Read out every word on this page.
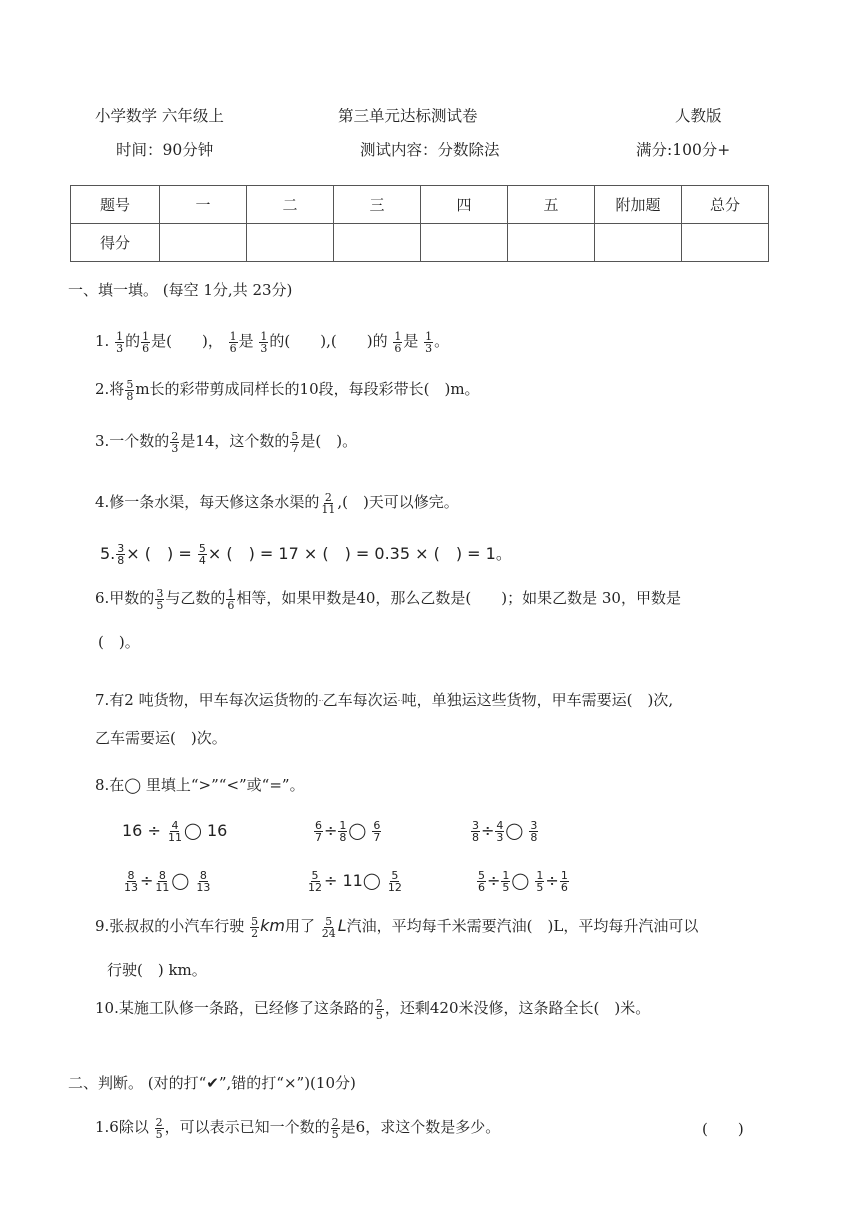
小学数学 六年级上	第三单元达标测试卷	人教版
时间：90分钟	测试内容：分数除法	满分:100分+
题号	一	二	三	四	五	附加题	总分
得分							
一、填一填。 (每空 1分,共 23分)
1. $\frac{1}{3}$ 的 $\frac{1}{6}$ 是(　　)， $\frac{1}{6}$ 是 $\frac{1}{3}$ 的(　　),(　　)的 $\frac{1}{6}$ 是 $\frac{1}{3}$ 。
2.将 $\frac{5}{8}$ m长的彩带剪成同样长的10段，每段彩带长(　)m。
3.一个数的 $\frac{2}{3}$ 是14，这个数的 $\frac{5}{7}$ 是(　)。
4.修一条水渠，每天修这条水渠的 $\frac{2}{11}$ ,(　)天可以修完。
5. $\frac{3}{8}$ × (　) = $\frac{5}{4}$ × (　) = 17 × (　) = 0.35 × (　) = 1。
6.甲数的 $\frac{3}{5}$ 与乙数的 $\frac{1}{6}$ 相等，如果甲数是40，那么乙数是(　　)；如果乙数是 30，甲数是
(　)。
7.有2 吨货物，甲车每次运货物的 乙车每次运 吨，单独运这些货物，甲车需要运(　)次,
乙车需要运(　)次。
8.在◯ 里填上“>”“<”或“=”。
$16 \div \frac{4}{11}$ ◯ 16	$\frac{6}{7} \div \frac{1}{8}$ ◯ $\frac{6}{7}$	$\frac{3}{8} \div \frac{4}{3}$ ◯ $\frac{3}{8}$
$\frac{8}{13} \div \frac{8}{11}$ ◯ $\frac{8}{13}$	$\frac{5}{12}$ ÷ 11◯ $\frac{5}{12}$	$\frac{5}{6} \div \frac{1}{5}$ ◯ $\frac{1}{5} \div \frac{1}{6}$
9.张叔叔的小汽车行驶 $\frac{5}{2}$ km用了 $\frac{5}{24}$ L汽油，平均每千米需要汽油(　)L，平均每升汽油可以
行驶(　) km。
10.某施工队修一条路，已经修了这条路的 $\frac{2}{5}$ ，还剩420米没修，这条路全长(　)米。
二、判断。 (对的打“✔”,错的打“×”)(10分)
1.6除以 $\frac{2}{5}$ ，可以表示已知一个数的 $\frac{2}{5}$ 是6，求这个数是多少。	(　　)
